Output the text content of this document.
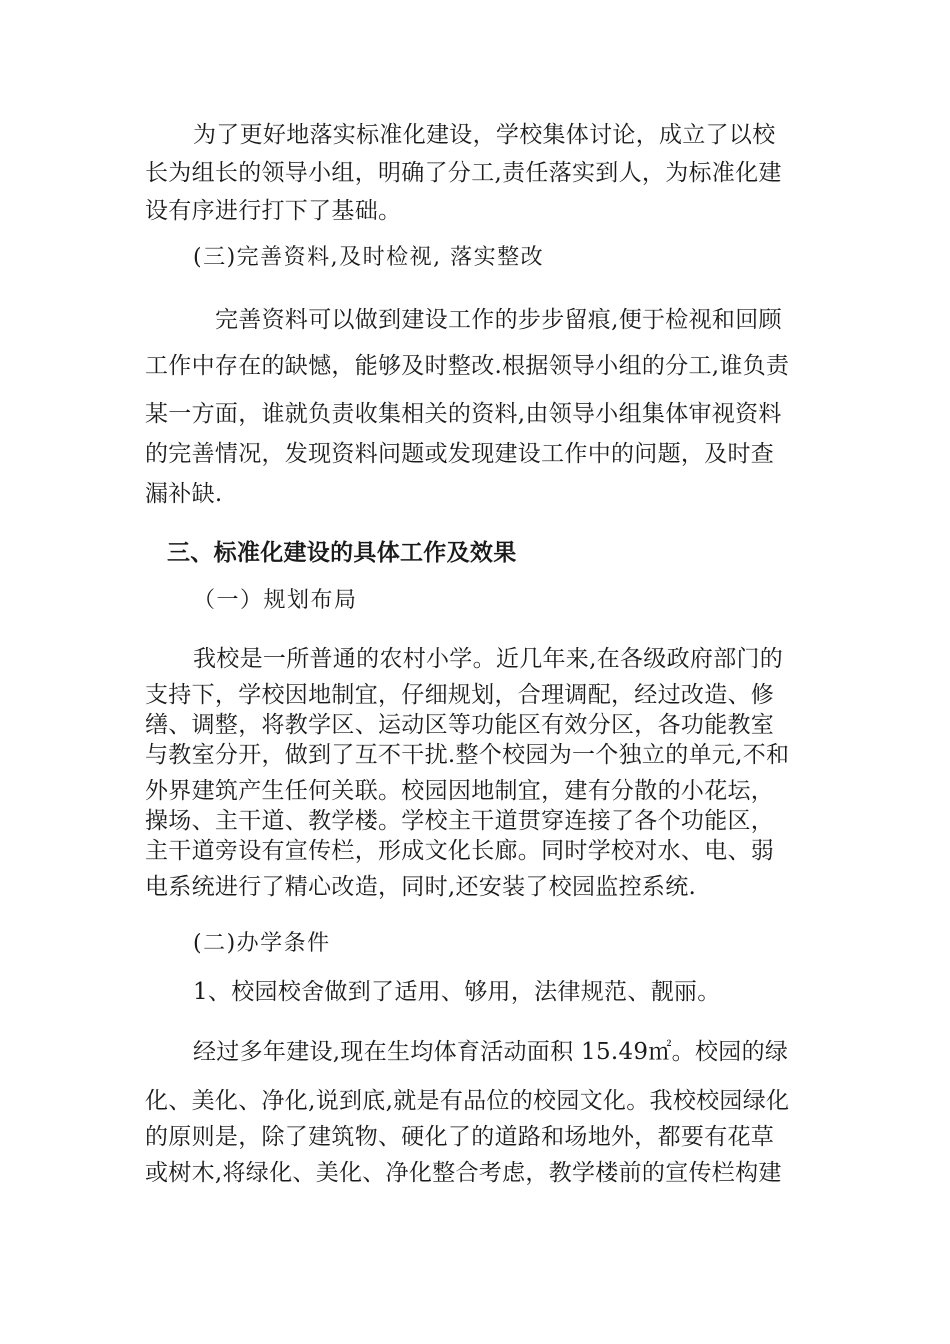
为了更好地落实标准化建设，学校集体讨论，成立了以校
长为组长的领导小组，明确了分工,责任落实到人，为标准化建
设有序进行打下了基础。
(三)完善资料,及时检视, 落实整改
完善资料可以做到建设工作的步步留痕,便于检视和回顾
工作中存在的缺憾，能够及时整改.根据领导小组的分工,谁负责
某一方面，谁就负责收集相关的资料,由领导小组集体审视资料
的完善情况，发现资料问题或发现建设工作中的问题，及时查
漏补缺.
三、标准化建设的具体工作及效果
（一）规划布局
我校是一所普通的农村小学。近几年来,在各级政府部门的
支持下，学校因地制宜，仔细规划，合理调配，经过改造、修
缮、调整，将教学区、运动区等功能区有效分区，各功能教室
与教室分开，做到了互不干扰.整个校园为一个独立的单元,不和
外界建筑产生任何关联。校园因地制宜，建有分散的小花坛，
操场、主干道、教学楼。学校主干道贯穿连接了各个功能区，
主干道旁设有宣传栏，形成文化长廊。同时学校对水、电、弱
电系统进行了精心改造，同时,还安装了校园监控系统.
(二)办学条件
1、校园校舍做到了适用、够用，法律规范、靓丽。
经过多年建设,现在生均体育活动面积 15.49㎡。校园的绿
化、美化、净化,说到底,就是有品位的校园文化。我校校园绿化
的原则是，除了建筑物、硬化了的道路和场地外，都要有花草
或树木,将绿化、美化、净化整合考虑，教学楼前的宣传栏构建
